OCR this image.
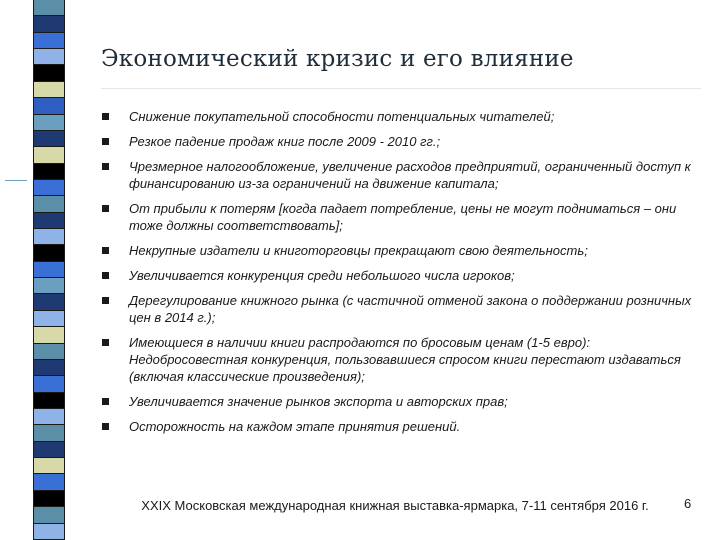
Экономический кризис и его влияние
Снижение покупательной способности потенциальных читателей;
Резкое падение продаж книг после 2009 - 2010 гг.;
Чрезмерное налогообложение, увеличение расходов предприятий, ограниченный доступ к финансированию из-за ограничений на движение капитала;
От прибыли к потерям [когда падает потребление, цены не могут подниматься – они тоже должны соответствовать];
Некрупные издатели и книготорговцы прекращают свою деятельность;
Увеличивается конкуренция среди небольшого числа игроков;
Дерегулирование книжного рынка (с частичной отменой закона о поддержании розничных цен в 2014 г.);
Имеющиеся в наличии книги распродаются по бросовым ценам (1-5 евро): Недобросовестная конкуренция, пользовавшиеся спросом книги перестают издаваться (включая классические произведения);
Увеличивается значение рынков экспорта и авторских прав;
Осторожность на каждом этапе принятия решений.
XXIX Московская международная книжная выставка-ярмарка, 7-11 сентября 2016 г.	6
